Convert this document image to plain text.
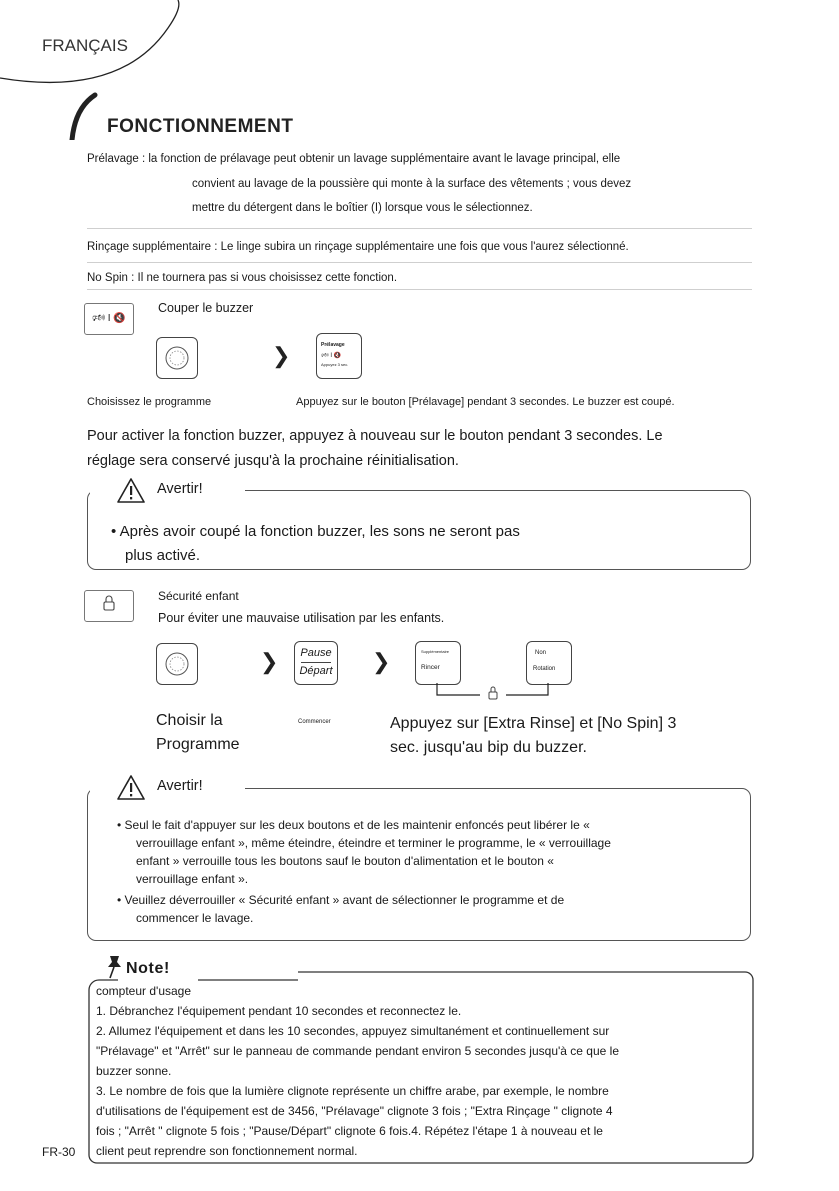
FRANÇAIS
FONCTIONNEMENT
Prélavage : la fonction de prélavage peut obtenir un lavage supplémentaire avant le lavage principal, elle
convient au lavage de la poussière qui monte à la surface des vêtements ; vous devez
mettre du détergent dans le boîtier (I) lorsque vous le sélectionnez.
Rinçage supplémentaire : Le linge subira un rinçage supplémentaire une fois que vous l'aurez sélectionné.
No Spin : Il ne tournera pas si vous choisissez cette fonction.
🕬 I 🔇
Couper le buzzer
❯	Prélavage
🕬 I 🔇
Appuyez 3 sec.
Choisissez le programme	Appuyez sur le bouton [Prélavage] pendant 3 secondes. Le buzzer est coupé.
Pour activer la fonction buzzer, appuyez à nouveau sur le bouton pendant 3 secondes. Le
réglage sera conservé jusqu'à la prochaine réinitialisation.
Avertir!
• Après avoir coupé la fonction buzzer, les sons ne seront pas
plus activé.
Sécurité enfant
Pour éviter une mauvaise utilisation par les enfants.
❯	Pause
Départ ❯	Supplémentaire
Rincer
Non
Rotation
Choisir la
Programme
Commencer	Appuyez sur [Extra Rinse] et [No Spin] 3
sec. jusqu'au bip du buzzer.
Avertir!
• Seul le fait d'appuyer sur les deux boutons et de les maintenir enfoncés peut libérer le «
verrouillage enfant », même éteindre, éteindre et terminer le programme, le « verrouillage
enfant » verrouille tous les boutons sauf le bouton d'alimentation et le bouton «
verrouillage enfant ».
• Veuillez déverrouiller « Sécurité enfant » avant de sélectionner le programme et de
commencer le lavage.
Note!
compteur d'usage
1. Débranchez l'équipement pendant 10 secondes et reconnectez le.
2. Allumez l'équipement et dans les 10 secondes, appuyez simultanément et continuellement sur
"Prélavage" et "Arrêt" sur le panneau de commande pendant environ 5 secondes jusqu'à ce que le
buzzer sonne.
3. Le nombre de fois que la lumière clignote représente un chiffre arabe, par exemple, le nombre
d'utilisations de l'équipement est de 3456, "Prélavage" clignote 3 fois ; "Extra Rinçage " clignote 4
fois ; "Arrêt " clignote 5 fois ; "Pause/Départ" clignote 6 fois.4. Répétez l'étape 1 à nouveau et le
client peut reprendre son fonctionnement normal.
FR-30
